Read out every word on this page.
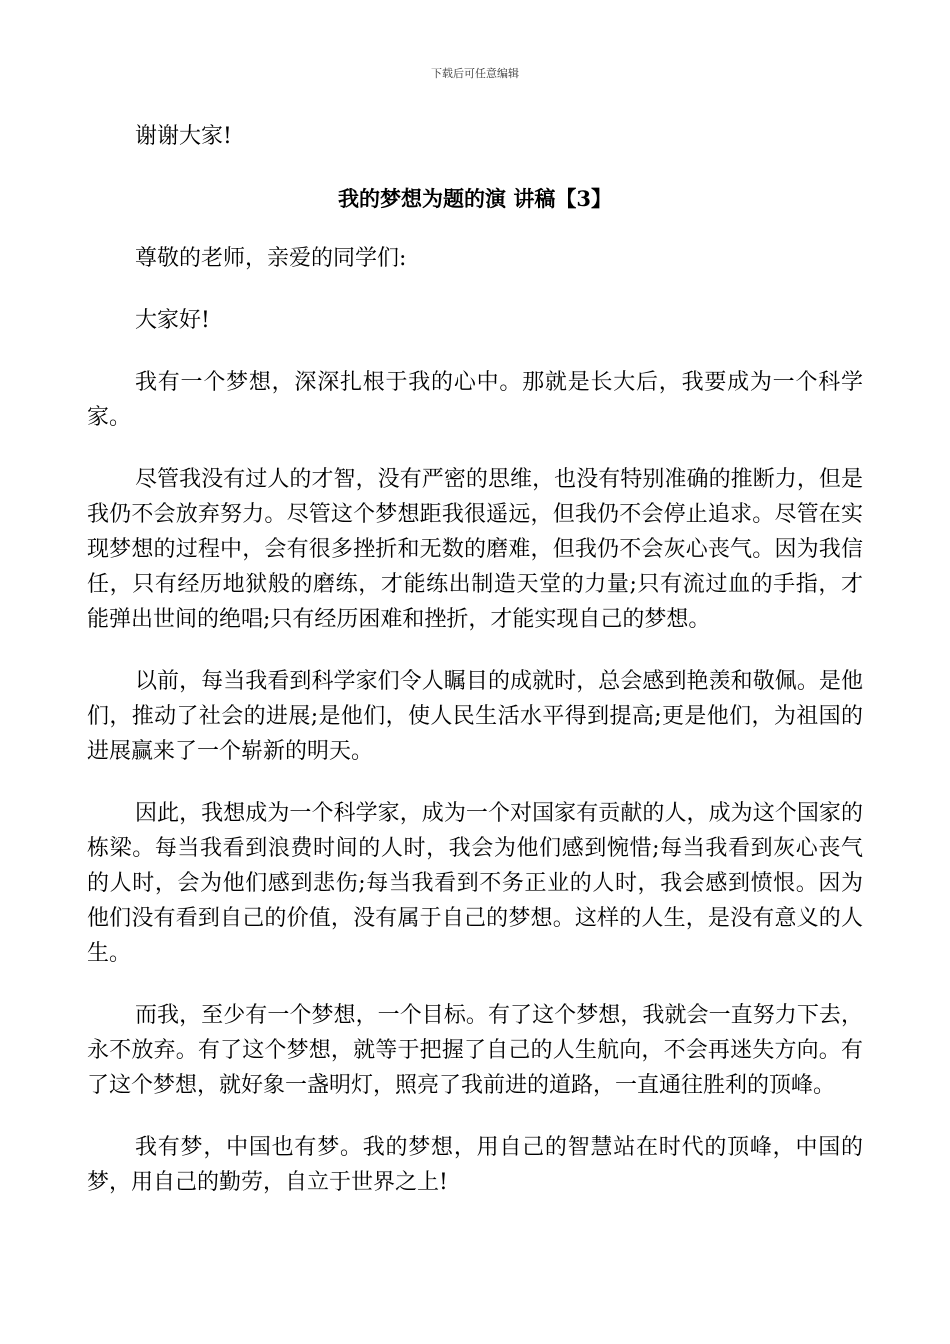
下载后可任意编辑

谢谢大家!

我的梦想为题的演 讲稿【3】

尊敬的老师，亲爱的同学们:

大家好!

我有一个梦想，深深扎根于我的心中。那就是长大后，我要成为一个科学家。

尽管我没有过人的才智，没有严密的思维，也没有特别准确的推断力，但是我仍不会放弃努力。尽管这个梦想距我很遥远，但我仍不会停止追求。尽管在实现梦想的过程中，会有很多挫折和无数的磨难，但我仍不会灰心丧气。因为我信任，只有经历地狱般的磨练，才能练出制造天堂的力量;只有流过血的手指，才能弹出世间的绝唱;只有经历困难和挫折，才能实现自己的梦想。

以前，每当我看到科学家们令人瞩目的成就时，总会感到艳羡和敬佩。是他们，推动了社会的进展;是他们，使人民生活水平得到提高;更是他们，为祖国的进展赢来了一个崭新的明天。

因此，我想成为一个科学家，成为一个对国家有贡献的人，成为这个国家的栋梁。每当我看到浪费时间的人时，我会为他们感到惋惜;每当我看到灰心丧气的人时，会为他们感到悲伤;每当我看到不务正业的人时，我会感到愤恨。因为他们没有看到自己的价值，没有属于自己的梦想。这样的人生，是没有意义的人生。

而我，至少有一个梦想，一个目标。有了这个梦想，我就会一直努力下去，永不放弃。有了这个梦想，就等于把握了自己的人生航向，不会再迷失方向。有了这个梦想，就好象一盏明灯，照亮了我前进的道路，一直通往胜利的顶峰。

我有梦，中国也有梦。我的梦想，用自己的智慧站在时代的顶峰，中国的梦，用自己的勤劳，自立于世界之上!
